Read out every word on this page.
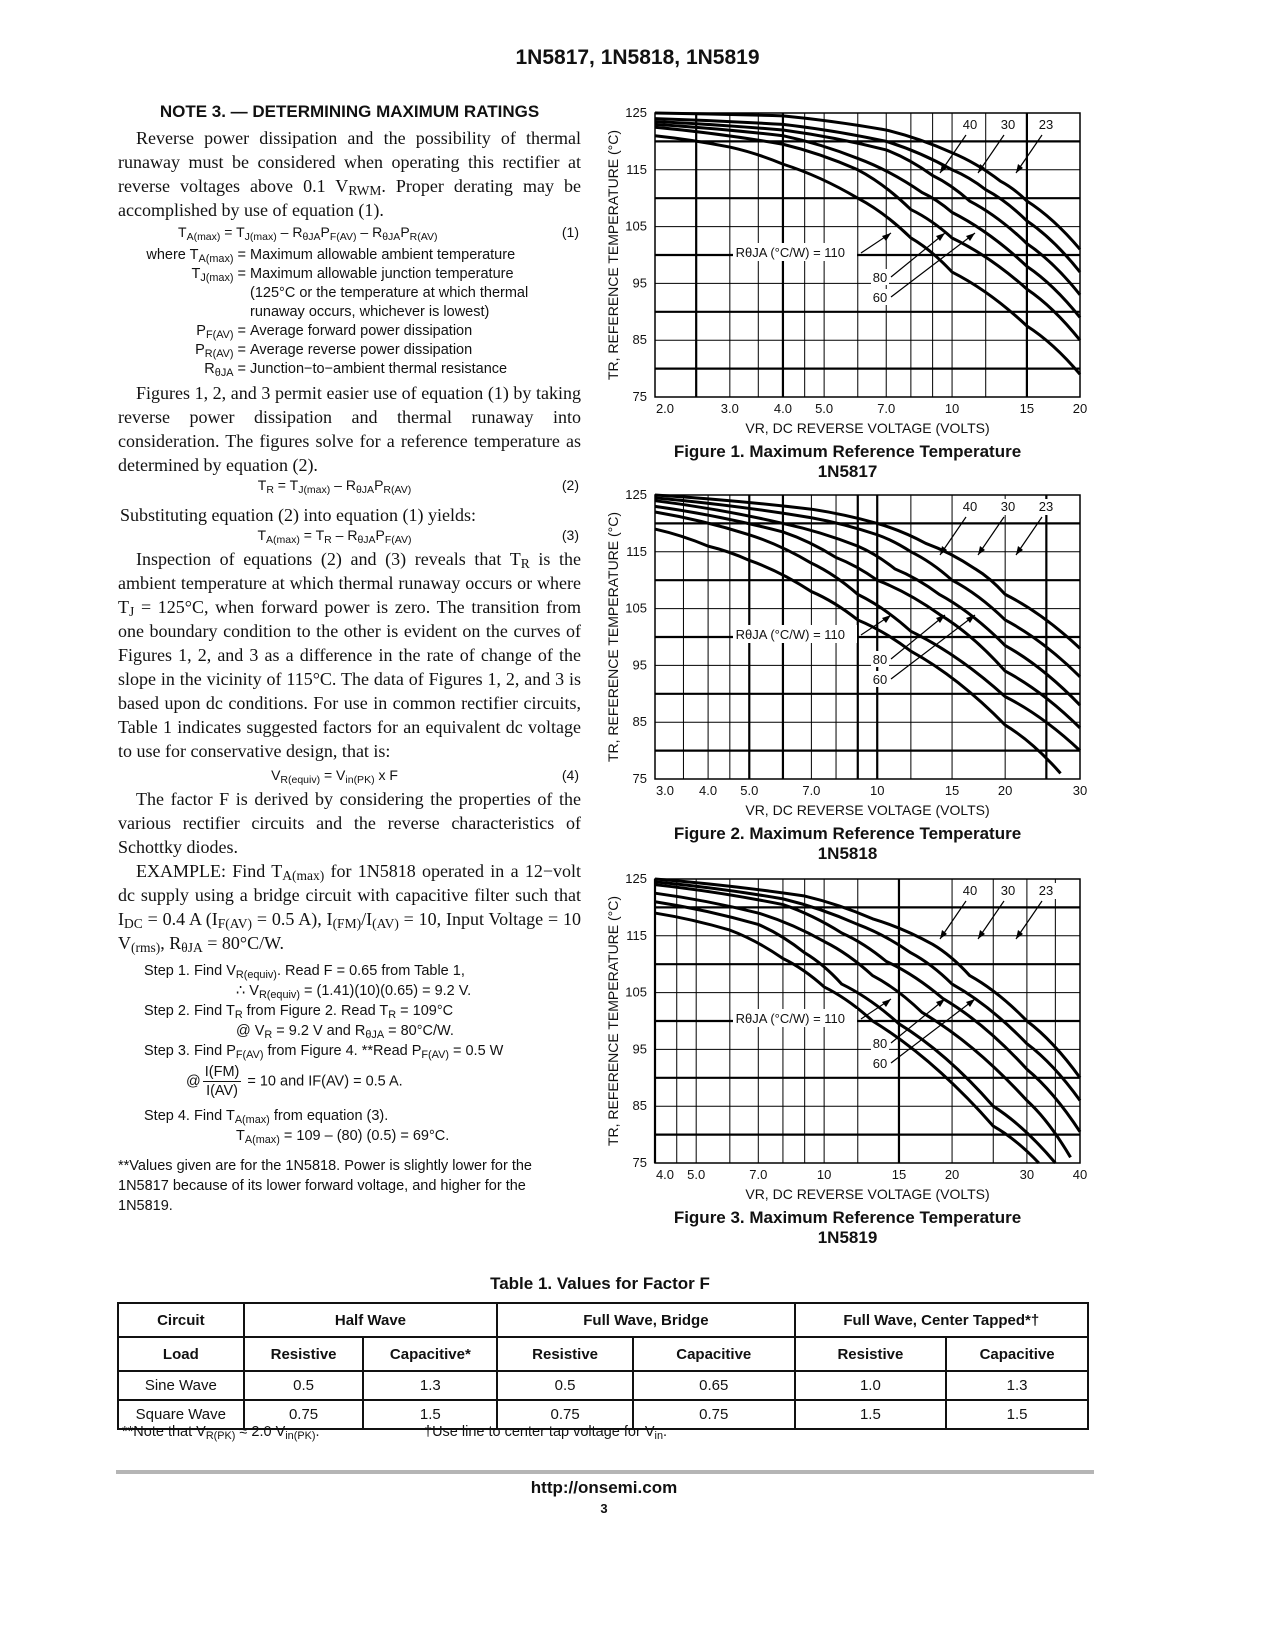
1N5817, 1N5818, 1N5819
NOTE 3. — DETERMINING MAXIMUM RATINGS

Reverse power dissipation and the possibility of thermal runaway must be considered when operating this rectifier at reverse voltages above 0.1 $V_{RWM}$. Proper derating may be accomplished by use of equation (1).

$T_{A(max)} = T_{J(max)} - R_{\theta JA}P_{F(AV)} - R_{\theta JA}P_{R(AV)}$	(1)
where $T_{A(max)}$ = Maximum allowable ambient temperature
$T_{J(max)}$ = Maximum allowable junction temperature
(125°C or the temperature at which thermal
runaway occurs, whichever is lowest)
$P_{F(AV)}$ = Average forward power dissipation
$P_{R(AV)}$ = Average reverse power dissipation
$R_{\theta JA}$ = Junction−to−ambient thermal resistance

Figures 1, 2, and 3 permit easier use of equation (1) by taking reverse power dissipation and thermal runaway into consideration. The figures solve for a reference temperature as determined by equation (2).

$T_R = T_{J(max)} - R_{\theta JA}P_{R(AV)}$	(2)

Substituting equation (2) into equation (1) yields:

$T_{A(max)} = T_R - R_{\theta JA}P_{F(AV)}$	(3)

Inspection of equations (2) and (3) reveals that $T_R$ is the ambient temperature at which thermal runaway occurs or where $T_J = 125^\circ C$, when forward power is zero. The transition from one boundary condition to the other is evident on the curves of Figures 1, 2, and 3 as a difference in the rate of change of the slope in the vicinity of 115°C. The data of Figures 1, 2, and 3 is based upon dc conditions. For use in common rectifier circuits, Table 1 indicates suggested factors for an equivalent dc voltage to use for conservative design, that is:

$V_{R(equiv)} = V_{in(PK)}$ x F	(4)

The factor F is derived by considering the properties of the various rectifier circuits and the reverse characteristics of Schottky diodes.

EXAMPLE: Find $T_{A(max)}$ for 1N5818 operated in a 12−volt dc supply using a bridge circuit with capacitive filter such that $I_{DC} = 0.4$ A ($I_{F(AV)} = 0.5$ A), $I_{(FM)}/I_{(AV)} = 10$, Input Voltage = 10 $V_{(rms)}$, $R_{\theta JA} = 80^\circ C/W$.

Step 1. Find $V_{R(equiv)}$. Read F = 0.65 from Table 1,
∴ $V_{R(equiv)} = (1.41)(10)(0.65) = 9.2$ V.
Step 2. Find $T_R$ from Figure 2. Read $T_R = 109^\circ C$
@ $V_R = 9.2$ V and $R_{\theta JA} = 80^\circ C/W$.
Step 3. Find $P_{F(AV)}$ from Figure 4. **Read $P_{F(AV)} = 0.5$ W
@ $\frac{I(FM)}{I(AV)} = 10$ and IF(AV) = 0.5 A.
Step 4. Find $T_{A(max)}$ from equation (3).
$T_{A(max)} = 109 - (80) (0.5) = 69^\circ C$.
**Values given are for the 1N5818. Power is slightly lower for the 1N5817 because of its lower forward voltage, and higher for the 1N5819.
75
85
95
105
115
125
2.0	3.0	4.0 5.0	7.0	10	15	20
VR, DC REVERSE VOLTAGE (VOLTS)
TR, REFERENCE TEMPERATURE (°C)
40 30 23
RθJA (°C/W) = 110
80
60
Figure 1. Maximum Reference Temperature
1N5817
75
85
95
105
115
125
3.0 4.0 5.0	7.0	10	15	20	30
VR, DC REVERSE VOLTAGE (VOLTS)
TR, REFERENCE TEMPERATURE (°C)
40 30 23
RθJA (°C/W) = 110
80
60
Figure 2. Maximum Reference Temperature
1N5818
75
85
95
105
115
125
4.0 5.0	7.0	10	15	20	30	40
VR, DC REVERSE VOLTAGE (VOLTS)
TR, REFERENCE TEMPERATURE (°C)
40 30 23
RθJA (°C/W) = 110
80
60
Figure 3. Maximum Reference Temperature
1N5819
Table 1. Values for Factor F
Circuit	Half Wave		Full Wave, Bridge		Full Wave, Center Tapped*†	
Load	Resistive	Capacitive*	Resistive	Capacitive	Resistive	Capacitive
Sine Wave	0.5	1.3	0.5	0.65	1.0	1.3
Square Wave	0.75	1.5	0.75	0.75	1.5	1.5
**Note that $V_{R(PK)} \approx 2.0$ $V_{in(PK)}$.	†Use line to center tap voltage for $V_{in}$.
http://onsemi.com
3
